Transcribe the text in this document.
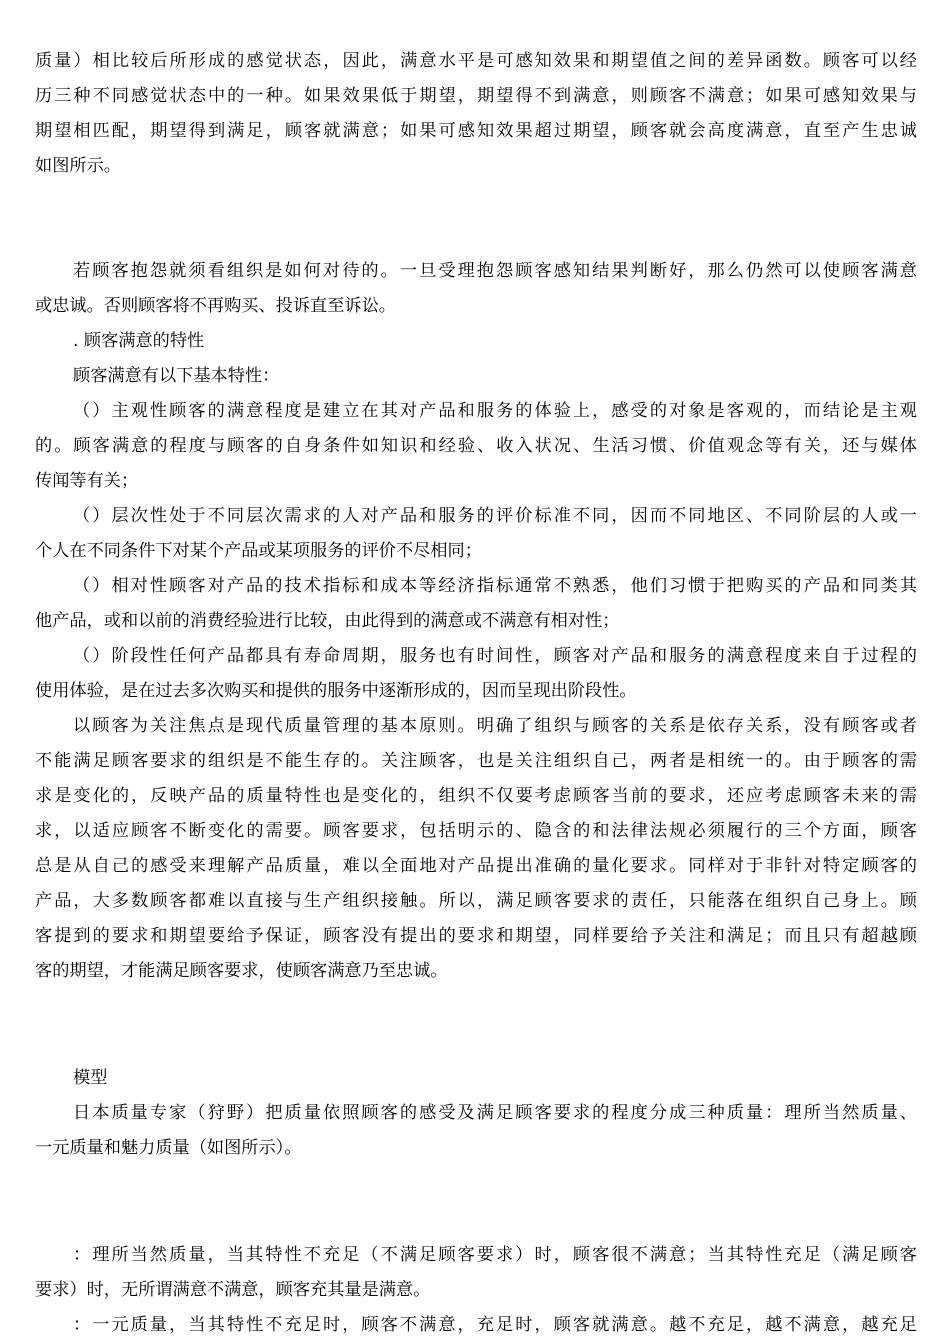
质量）相比较后所形成的感觉状态，因此，满意水平是可感知效果和期望值之间的差异函数。顾客可以经
历三种不同感觉状态中的一种。如果效果低于期望，期望得不到满意，则顾客不满意；如果可感知效果与
期望相匹配，期望得到满足，顾客就满意；如果可感知效果超过期望，顾客就会高度满意，直至产生忠诚
如图所示。
若顾客抱怨就须看组织是如何对待的。一旦受理抱怨顾客感知结果判断好，那么仍然可以使顾客满意
或忠诚。否则顾客将不再购买、投诉直至诉讼。
. 顾客满意的特性
顾客满意有以下基本特性：
（）主观性顾客的满意程度是建立在其对产品和服务的体验上，感受的对象是客观的，而结论是主观
的。顾客满意的程度与顾客的自身条件如知识和经验、收入状况、生活习惯、价值观念等有关，还与媒体
传闻等有关；
（）层次性处于不同层次需求的人对产品和服务的评价标准不同，因而不同地区、不同阶层的人或一
个人在不同条件下对某个产品或某项服务的评价不尽相同；
（）相对性顾客对产品的技术指标和成本等经济指标通常不熟悉，他们习惯于把购买的产品和同类其
他产品，或和以前的消费经验进行比较，由此得到的满意或不满意有相对性；
（）阶段性任何产品都具有寿命周期，服务也有时间性，顾客对产品和服务的满意程度来自于过程的
使用体验，是在过去多次购买和提供的服务中逐渐形成的，因而呈现出阶段性。
以顾客为关注焦点是现代质量管理的基本原则。明确了组织与顾客的关系是依存关系，没有顾客或者
不能满足顾客要求的组织是不能生存的。关注顾客，也是关注组织自己，两者是相统一的。由于顾客的需
求是变化的，反映产品的质量特性也是变化的，组织不仅要考虑顾客当前的要求，还应考虑顾客未来的需
求，以适应顾客不断变化的需要。顾客要求，包括明示的、隐含的和法律法规必须履行的三个方面，顾客
总是从自己的感受来理解产品质量，难以全面地对产品提出准确的量化要求。同样对于非针对特定顾客的
产品，大多数顾客都难以直接与生产组织接触。所以，满足顾客要求的责任，只能落在组织自己身上。顾
客提到的要求和期望要给予保证，顾客没有提出的要求和期望，同样要给予关注和满足；而且只有超越顾
客的期望，才能满足顾客要求，使顾客满意乃至忠诚。
模型
日本质量专家（狩野）把质量依照顾客的感受及满足顾客要求的程度分成三种质量：理所当然质量、
一元质量和魅力质量（如图所示）。
：理所当然质量，当其特性不充足（不满足顾客要求）时，顾客很不满意；当其特性充足（满足顾客
要求）时，无所谓满意不满意，顾客充其量是满意。
：一元质量，当其特性不充足时，顾客不满意，充足时，顾客就满意。越不充足，越不满意，越充足
